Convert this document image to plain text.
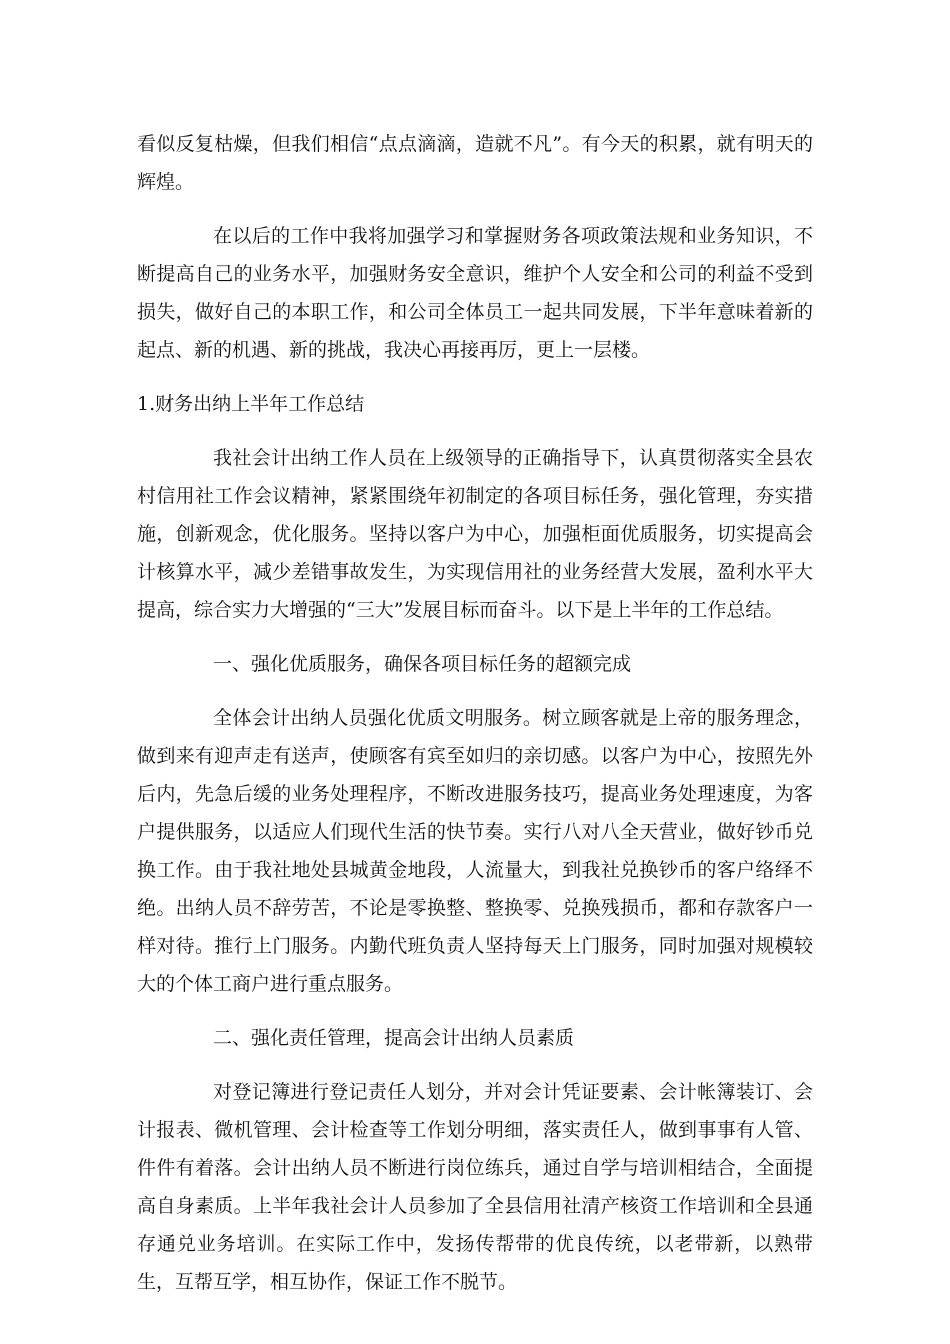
看似反复枯燥，但我们相信“点点滴滴，造就不凡”。有今天的积累，就有明天的辉煌。

在以后的工作中我将加强学习和掌握财务各项政策法规和业务知识，不断提高自己的业务水平，加强财务安全意识，维护个人安全和公司的利益不受到损失，做好自己的本职工作，和公司全体员工一起共同发展，下半年意味着新的起点、新的机遇、新的挑战，我决心再接再厉，更上一层楼。

1.财务出纳上半年工作总结

我社会计出纳工作人员在上级领导的正确指导下，认真贯彻落实全县农村信用社工作会议精神，紧紧围绕年初制定的各项目标任务，强化管理，夯实措施，创新观念，优化服务。坚持以客户为中心，加强柜面优质服务，切实提高会计核算水平，减少差错事故发生，为实现信用社的业务经营大发展，盈利水平大提高，综合实力大增强的“三大”发展目标而奋斗。以下是上半年的工作总结。

一、强化优质服务，确保各项目标任务的超额完成

全体会计出纳人员强化优质文明服务。树立顾客就是上帝的服务理念，做到来有迎声走有送声，使顾客有宾至如归的亲切感。以客户为中心，按照先外后内，先急后缓的业务处理程序，不断改进服务技巧，提高业务处理速度，为客户提供服务，以适应人们现代生活的快节奏。实行八对八全天营业，做好钞币兑换工作。由于我社地处县城黄金地段，人流量大，到我社兑换钞币的客户络绎不绝。出纳人员不辞劳苦，不论是零换整、整换零、兑换残损币，都和存款客户一样对待。推行上门服务。内勤代班负责人坚持每天上门服务，同时加强对规模较大的个体工商户进行重点服务。

二、强化责任管理，提高会计出纳人员素质

对登记簿进行登记责任人划分，并对会计凭证要素、会计帐簿装订、会计报表、微机管理、会计检查等工作划分明细，落实责任人，做到事事有人管、件件有着落。会计出纳人员不断进行岗位练兵，通过自学与培训相结合，全面提高自身素质。上半年我社会计人员参加了全县信用社清产核资工作培训和全县通存通兑业务培训。在实际工作中，发扬传帮带的优良传统，以老带新，以熟带生，互帮互学，相互协作，保证工作不脱节。
